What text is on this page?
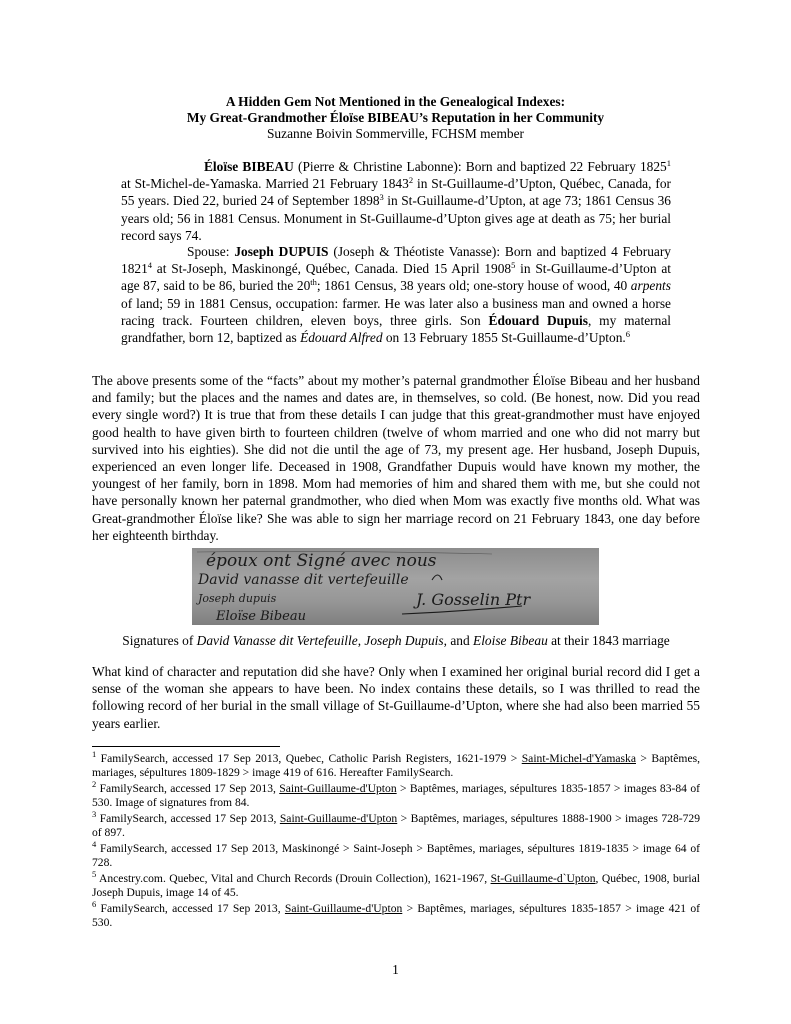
A Hidden Gem Not Mentioned in the Genealogical Indexes:
My Great-Grandmother Éloïse BIBEAU’s Reputation in her Community
Suzanne Boivin Sommerville, FCHSM member
Éloïse BIBEAU (Pierre & Christine Labonne): Born and baptized 22 February 1825$^1$ at St-Michel-de-Yamaska. Married 21 February 1843$^2$ in St-Guillaume-d’Upton, Québec, Canada, for 55 years. Died 22, buried 24 of September 1898$^3$ in St-Guillaume-d’Upton, at age 73; 1861 Census 36 years old; 56 in 1881 Census. Monument in St-Guillaume-d’Upton gives age at death as 75; her burial record says 74.
Spouse: Joseph DUPUIS (Joseph & Théotiste Vanasse): Born and baptized 4 February 1821$^4$ at St-Joseph, Maskinongé, Québec, Canada. Died 15 April 1908$^5$ in St-Guillaume-d’Upton at age 87, said to be 86, buried the 20th; 1861 Census, 38 years old; one-story house of wood, 40 arpents of land; 59 in 1881 Census, occupation: farmer. He was later also a business man and owned a horse racing track. Fourteen children, eleven boys, three girls. Son Édouard Dupuis, my maternal grandfather, born 12, baptized as Édouard Alfred on 13 February 1855 St-Guillaume-d’Upton.$^6$
The above presents some of the “facts” about my mother’s paternal grandmother Éloïse Bibeau and her husband and family; but the places and the names and dates are, in themselves, so cold. (Be honest, now. Did you read every single word?) It is true that from these details I can judge that this great-grandmother must have enjoyed good health to have given birth to fourteen children (twelve of whom married and one who did not marry but survived into his eighties). She did not die until the age of 73, my present age. Her husband, Joseph Dupuis, experienced an even longer life. Deceased in 1908, Grandfather Dupuis would have known my mother, the youngest of her family, born in 1898. Mom had memories of him and shared them with me, but she could not have personally known her paternal grandmother, who died when Mom was exactly five months old. What was Great-grandmother Éloïse like? She was able to sign her marriage record on 21 February 1843, one day before her eighteenth birthday.
époux ont Signé avec nous
David vanasse dit vertefeuille
Joseph dupuis
Eloïse Bibeau
J. Gosselin Ptr
Signatures of David Vanasse dit Vertefeuille, Joseph Dupuis, and Eloise Bibeau at their 1843 marriage
What kind of character and reputation did she have? Only when I examined her original burial record did I get a sense of the woman she appears to have been. No index contains these details, so I was thrilled to read the following record of her burial in the small village of St-Guillaume-d’Upton, where she had also been married 55 years earlier.
$^1$ FamilySearch, accessed 17 Sep 2013, Quebec, Catholic Parish Registers, 1621-1979 > Saint-Michel-d'Yamaska > Baptêmes, mariages, sépultures 1809-1829 > image 419 of 616. Hereafter FamilySearch.
$^2$ FamilySearch, accessed 17 Sep 2013, Saint-Guillaume-d'Upton > Baptêmes, mariages, sépultures 1835-1857 > images 83-84 of 530. Image of signatures from 84.
$^3$ FamilySearch, accessed 17 Sep 2013, Saint-Guillaume-d'Upton > Baptêmes, mariages, sépultures 1888-1900 > images 728-729 of 897.
$^4$ FamilySearch, accessed 17 Sep 2013, Maskinongé > Saint-Joseph > Baptêmes, mariages, sépultures 1819-1835 > image 64 of 728.
$^5$ Ancestry.com. Quebec, Vital and Church Records (Drouin Collection), 1621-1967, St-Guillaume-d`Upton, Québec, 1908, burial Joseph Dupuis, image 14 of 45.
$^6$ FamilySearch, accessed 17 Sep 2013, Saint-Guillaume-d'Upton > Baptêmes, mariages, sépultures 1835-1857 > image 421 of 530.
1
